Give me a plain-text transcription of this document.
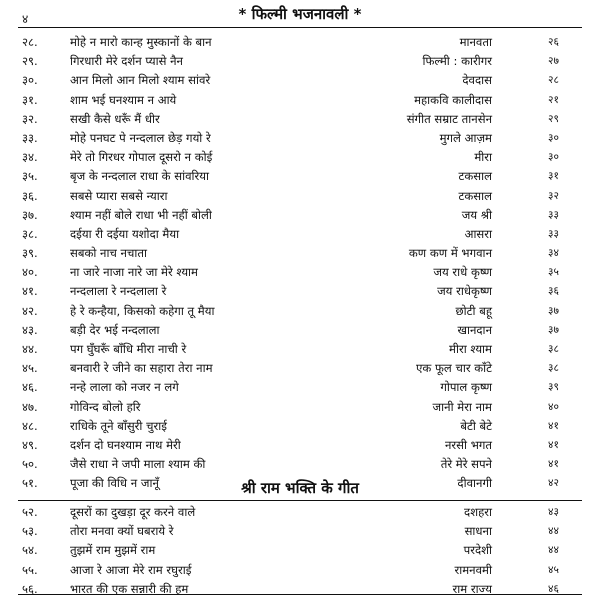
४	* फिल्मी भजनावली *
२८.	मोहे न मारो कान्ह मुस्कानों के बान	मानवता	२६
२९.	गिरधारी मेरे दर्शन प्यासे नैन	फिल्मी : कारीगर	२७
३०.	आन मिलो आन मिलो श्याम सांवरे	देवदास	२८
३१.	शाम भई घनश्याम न आये	महाकवि कालीदास	२१
३२.	सखी कैसे धरूँ मैं धीर	संगीत सम्राट तानसेन	२९
३३.	मोहे पनघट पे नन्दलाल छेड़ गयो रे	मुगले आज़म	३०
३४.	मेरे तो गिरधर गोपाल दूसरो न कोई	मीरा	३०
३५.	बृज के नन्दलाल राधा के सांवरिया	टकसाल	३१
३६.	सबसे प्यारा सबसे न्यारा	टकसाल	३२
३७.	श्याम नहीं बोले राधा भी नहीं बोली	जय श्री	३३
३८.	दईया री दईया यशोदा मैया	आसरा	३३
३९.	सबको नाच नचाता	कण कण में भगवान	३४
४०.	ना जारे नाजा नारे जा मेरे श्याम	जय राधे कृष्ण	३५
४१.	नन्दलाला रे नन्दलाला रे	जय राधेकृष्ण	३६
४२.	हे रे कन्हैया, किसको कहेगा तू मैया	छोटी बहू	३७
४३.	बड़ी देर भई नन्दलाला	खानदान	३७
४४.	पग घुँघरूँ बाँधि मीरा नाची रे	मीरा श्याम	३८
४५.	बनवारी रे जीने का सहारा तेरा नाम	एक फूल चार काँटे	३८
४६.	नन्हे लाला को नजर न लगे	गोपाल कृष्ण	३९
४७.	गोविन्द बोलो हरि	जानी मेरा नाम	४०
४८.	राधिके तूने बाँसुरी चुराई	बेटी बेटे	४१
४९.	दर्शन दो घनश्याम नाथ मेरी	नरसी भगत	४१
५०.	जैसे राधा ने जपी माला श्याम की	तेरे मेरे सपने	४१
५१.	पूजा की विधि न जानूँ	दीवानगी	४२
श्री राम भक्ति के गीत
५२.	दूसरों का दुखड़ा दूर करने वाले	दशहरा	४३
५३.	तोरा मनवा क्यों घबराये रे	साधना	४४
५४.	तुझमें राम मुझमें राम	परदेशी	४४
५५.	आजा रे आजा मेरे राम रघुराई	रामनवमी	४५
५६.	भारत की एक सन्नारी की हम	राम राज्य	४६
